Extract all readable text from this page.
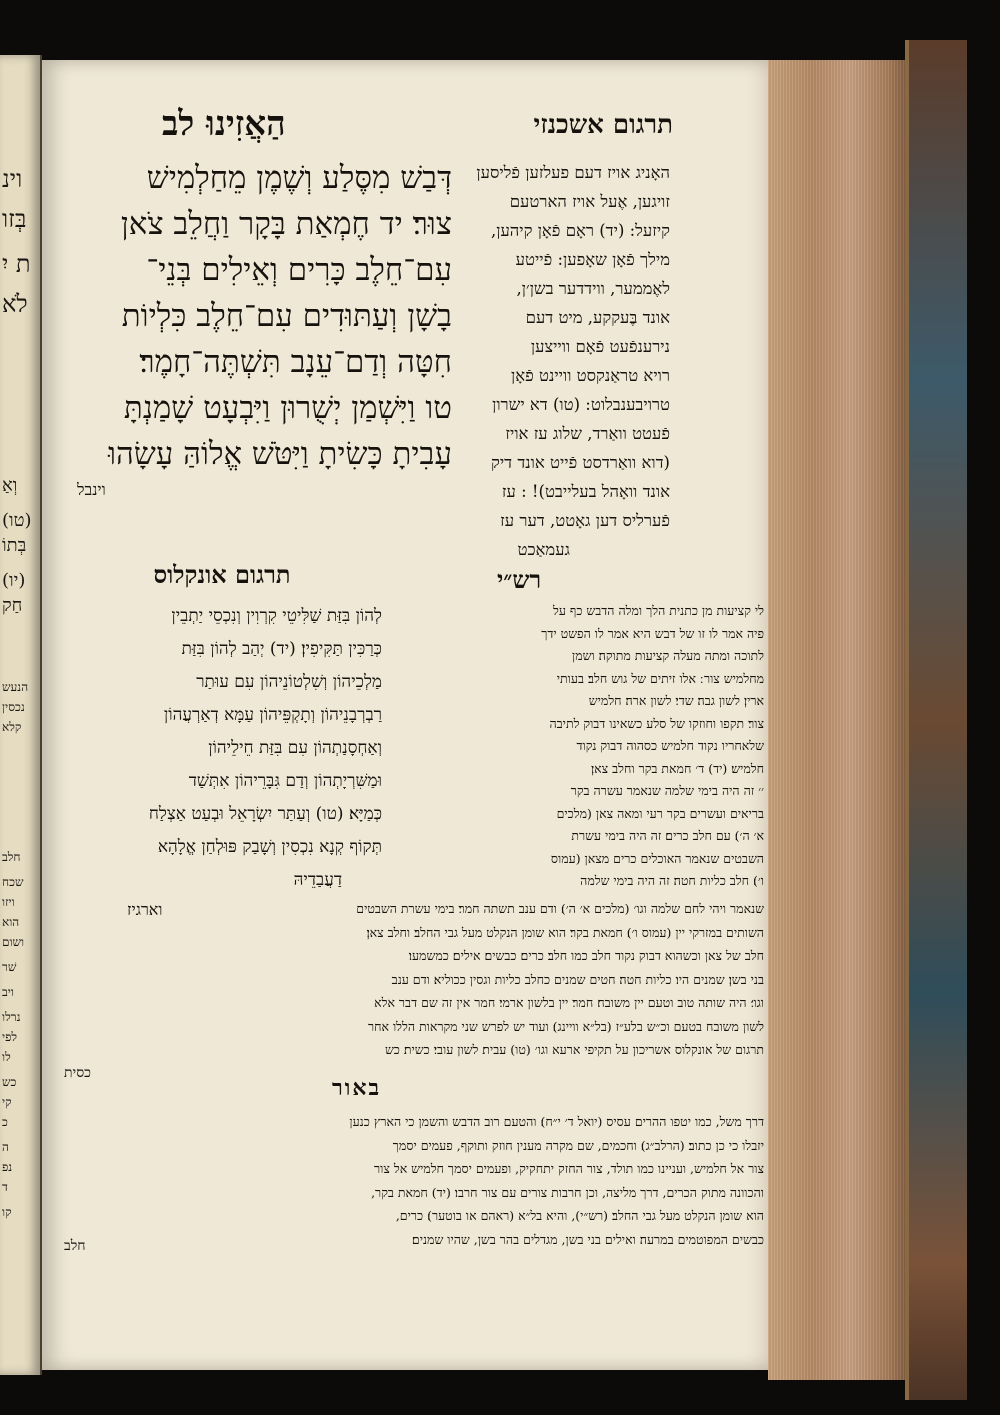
וינ
בְּזו
ת יִ
לֹא
וְאַ
(טו)
בְּתוֹ
(יו)
חַק
הנעש
נכסין
קלא
חלב
שכח
ויזו
הוא
ושום
שׁר
ויב
נרלו
לפי
לו
כש
קי
כ
ה
נפ
ד
קו
הַאֲזִינוּ לב	תרגום אשכנזי
דְּבַשׁ מִסֶּלַע וְשֶׁמֶן מֵחַלְמִישׁ
צוּר׃ יד חֶמְאַת בָּקָר וַחֲלֵב צֹאן
עִם־חֵלֶב כָּרִים וְאֵילִים בְּנֵי־
בָשָׁן וְעַתּוּדִים עִם־חֵלֶב כִּלְיוֹת
חִטָּה וְדַם־עֵנָב תִּשְׁתֶּה־חָמֶר׃
טו וַיִּשְׁמַן יְשֻׁרוּן וַיִּבְעָט שָׁמַנְתָּ
עָבִיתָ כָּשִׂיתָ וַיִּטֹּשׁ אֱלוֹהַּ עָשָׂהוּ
וינבל
האָניג אויז דעם פעלזען פֿליסען
זויגען, אֶעל אויז הארטעם
קיזעל: (יד) ראָם פֿאָן קיהען,
מילך פֿאָן שאָפען: פֿייטע
לאֶממער, ווידדער בשן׳ן,
אונד בֶּעקקע, מיט דעם
נירענפֿעט פֿאָם ווייצען
רויא טראַנקסט וויינט פֿאָן
טרויבענבלוט: (טו) דא ישרון
פֿעטט וואַרד, שלוג עז אויז
(דוא וואַרדסט פֿייט אונד דיק
אונד וואָהל בעלייבט)! : עז
פֿערליס דען גאָטט, דער עז
געמאַכט
תרגום אונקלוס
לְהוֹן בִּזַּת שַׁלִּיטֵי קִרְוִין וְנִכְסֵי יַתְבֵין
כְּרַכִּין תַּקִּיפִין׃ (יד) יְהַב לְהוֹן בִּזַּת
מַלְכֵיהוֹן וְשִׁלְטוֹנֵיהוֹן עִם עוּתַר
רַבְרְבָנֵיהוֹן וְתָקְפֵּיהוֹן עַמָּא דְאַרְעֲהוֹן
וְאַחְסָנַתְהוֹן עִם בִּזַּת חֵילֵיהוֹן
וּמַשִּׁרְיָתְהוֹן וְדַם גִּבָּרֵיהוֹן אִתְּשַׁד
כְּמַיָּא׃ (טו) וְעַתַּר יִשְׂרָאֵל וּבְעַט אַצְלַח
תְּקוֹף קְנָא נִכְסִין וְשָׁבַק פּוּלְחַן אֱלָהָא
דַעֲבַדֵיהּ
וארגיז
רש״י
לי קציעות מן כתנית הלך ומלה הדבש כף על
פיה אמר לו זו של דבש היא אמר לו הפשט ידך
לתוכה ומתה מעלה קציעות מתוקה׃ ושמן
מחלמיש צור ׃ אלו זיתים של גוש חלב׃ בעותי
ארין׃ לשון גבה׃ שדי׃ לשון ארה׃ חלמיש
צור׃ תקפו וחוזקו של סלע כשאינו דבוק לתיבה
שלאחריו נקוד חלמיש כסהוה דבוק נקוד
חלמיש׃ (יד) ד׳ חמאת בקר וחלב צאן׃
׳׳ זה היה בימי שלמה שנאמר עשרה בקר
בריאים ועשרים בקר רעי ומאה צאן (מלכים
א׳ ה׳)׃ עם חלב כרים׃ זה היה בימי עשרת
השבטים שנאמר האוכלים כרים מצאן (עמוס
ו׳)׃ חלב כליות חטה׃ זה היה בימי שלמה
שנאמר ויהי לחם שלמה וגו׳ (מלכים א׳ ה׳)׃ ודם ענב תשתה חמר׃ בימי עשרת השבטים
השותים במזרקי יין (עמוס ו׳)׃ חמאת בקר׃ הוא שומן הנקלט מעל גבי החלב׃ וחלב צאן׃
חלב של צאן וכשהוא דבוק נקוד חלב כמו חלב׃ כרים׃ כבשים׃ אילים׃ כמשמעו׃
בני בשן׃ שמנים היו׃ כליות חטה׃ חטים שמנים כחלב כליות וגסין ככוליא׃ ודם ענב
וגו׳׃ היה שותה טוב וטעם יין משובח׃ חמר׃ יין בלשון ארמי׃ חמר אין זה שם דבר אלא
לשון משובח בטעם וכ״ש בלע״ז (בל״א וויינג)׃ ועוד יש לפרש שני מקראות הללו אחר
תרגום של אונקלוס אשריכון על תקיפי ארעא וגו׳ (טו) עבית׃ לשון עובי׃ כשית׃ כש
כסית
באור
דרך משל, כמו יטפו ההרים עסיס (יואל ד׳ י״ח)׃ והטעם רוב הדבש והשמן כי הארץ כנען
יזבלו כי כן כתוב׃ (הרלב״ג)׃ וחכמים, שם מקרה מענין חוזק ותוקף, פעמים יסמך
צור אל חלמיש, ועניינו כמו תולד, צור החזק יתחקיק, ופעמים יסמך חלמיש אל צור
והכוונה מתוק הכרים, דרך מליצה, וכן חרבות צורים עם צור חרבו׃ (יד) חמאת בקר,
הוא שומן הנקלט מעל גבי החלב׃ (רש״י), והיא בל״א (ראהם או בוטער)׃ כרים,
כבשים המפוטמים במרעה׃ ואילים בני בשן, מגדלים בהר בשן, שהיו שמנים׃
חלב
